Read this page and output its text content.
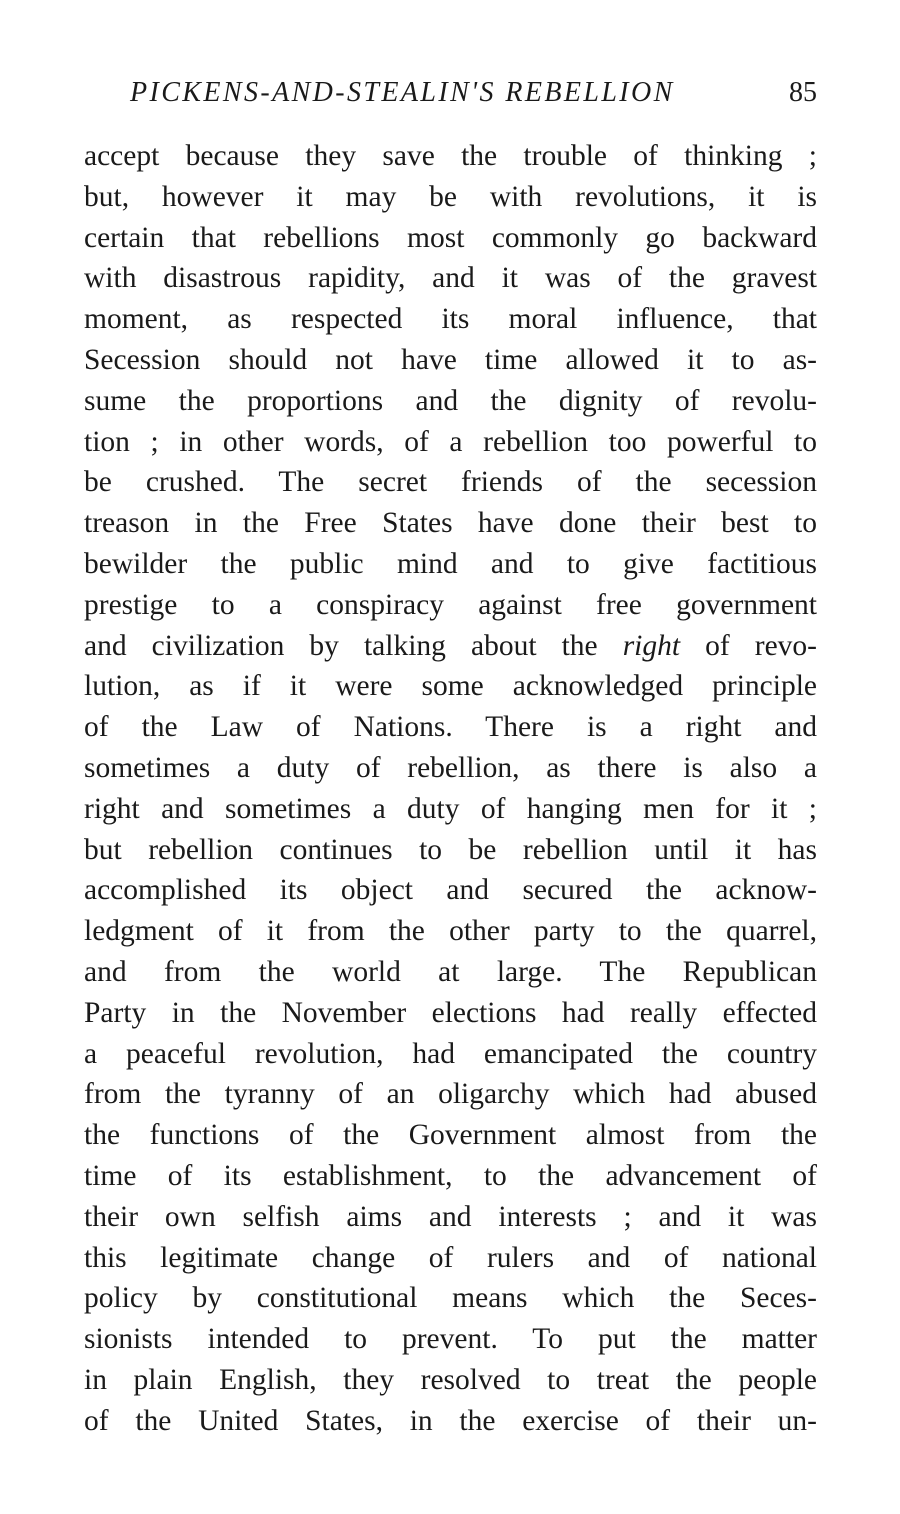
PICKENS-AND-STEALIN'S REBELLION	85
accept because they save the trouble of thinking ;
but, however it may be with revolutions, it is
certain that rebellions most commonly go backward
with disastrous rapidity, and it was of the gravest
moment, as respected its moral influence, that
Secession should not have time allowed it to as-
sume the proportions and the dignity of revolu-
tion ; in other words, of a rebellion too powerful to
be crushed. The secret friends of the secession
treason in the Free States have done their best to
bewilder the public mind and to give factitious
prestige to a conspiracy against free government
and civilization by talking about the right of revo-
lution, as if it were some acknowledged principle
of the Law of Nations. There is a right and
sometimes a duty of rebellion, as there is also a
right and sometimes a duty of hanging men for it ;
but rebellion continues to be rebellion until it has
accomplished its object and secured the acknow-
ledgment of it from the other party to the quarrel,
and from the world at large. The Republican
Party in the November elections had really effected
a peaceful revolution, had emancipated the country
from the tyranny of an oligarchy which had abused
the functions of the Government almost from the
time of its establishment, to the advancement of
their own selfish aims and interests ; and it was
this legitimate change of rulers and of national
policy by constitutional means which the Seces-
sionists intended to prevent. To put the matter
in plain English, they resolved to treat the people
of the United States, in the exercise of their un-
